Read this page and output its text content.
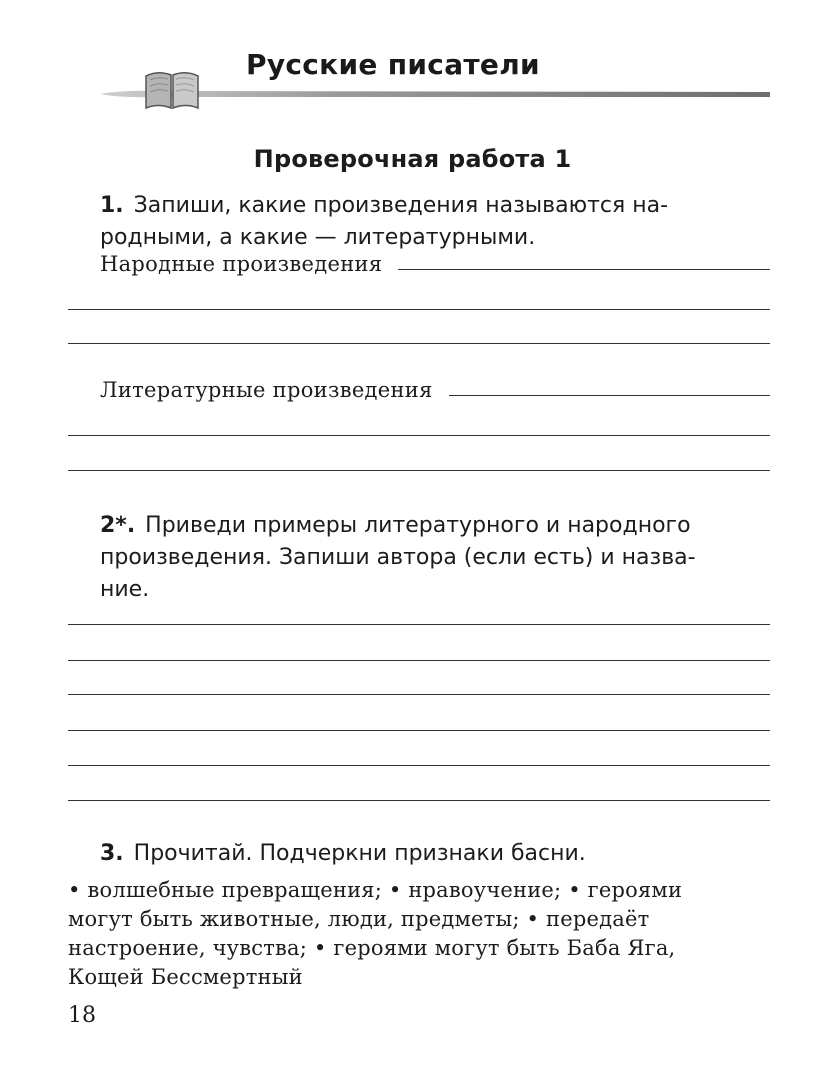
Русские писатели
Проверочная работа 1
1. Запиши, какие произведения называются на-
родными, а какие — литературными.
Народные произведения
Литературные произведения
2*. Приведи примеры литературного и народного
произведения. Запиши автора (если есть) и назва-
ние.
3. Прочитай. Подчеркни признаки басни.
• волшебные превращения; • нравоучение; • героями
могут быть животные, люди, предметы; • передаёт
настроение, чувства; • героями могут быть Баба Яга,
Кощей Бессмертный
18
